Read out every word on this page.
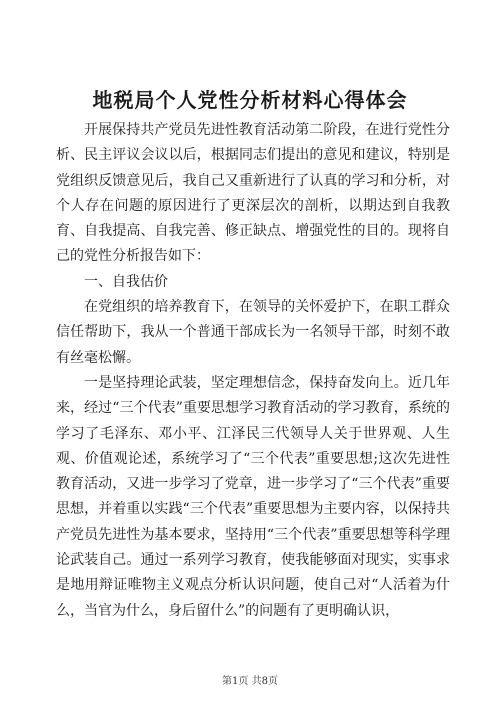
地税局个人党性分析材料心得体会

开展保持共产党员先进性教育活动第二阶段，在进行党性分析、民主评议会议以后，根据同志们提出的意见和建议，特别是党组织反馈意见后，我自己又重新进行了认真的学习和分析，对个人存在问题的原因进行了更深层次的剖析，以期达到自我教育、自我提高、自我完善、修正缺点、增强党性的目的。现将自己的党性分析报告如下：

一、自我估价

在党组织的培养教育下，在领导的关怀爱护下，在职工群众信任帮助下，我从一个普通干部成长为一名领导干部，时刻不敢有丝毫松懈。

一是坚持理论武装，坚定理想信念，保持奋发向上。近几年来，经过“三个代表”重要思想学习教育活动的学习教育，系统的学习了毛泽东、邓小平、江泽民三代领导人关于世界观、人生观、价值观论述，系统学习了“三个代表”重要思想;这次先进性教育活动，又进一步学习了党章，进一步学习了“三个代表”重要思想，并着重以实践“三个代表”重要思想为主要内容，以保持共产党员先进性为基本要求，坚持用“三个代表”重要思想等科学理论武装自己。通过一系列学习教育，使我能够面对现实，实事求是地用辩证唯物主义观点分析认识问题，使自己对“人活着为什么，当官为什么，身后留什么”的问题有了更明确认识，

第1页 共8页
